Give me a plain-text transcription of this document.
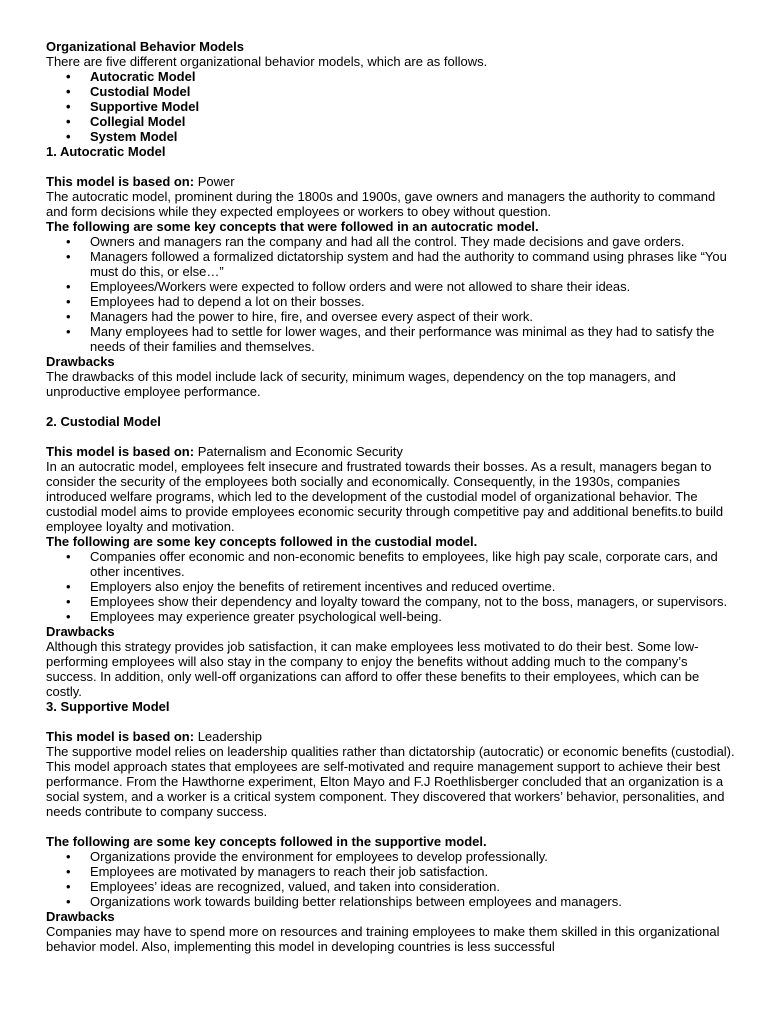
Organizational Behavior Models

There are five different organizational behavior models, which are as follows.

• Autocratic Model
• Custodial Model
• Supportive Model
• Collegial Model
• System Model

1. Autocratic Model

This model is based on: Power

The autocratic model, prominent during the 1800s and 1900s, gave owners and managers the authority to command and form decisions while they expected employees or workers to obey without question.

The following are some key concepts that were followed in an autocratic model.

• Owners and managers ran the company and had all the control. They made decisions and gave orders.
• Managers followed a formalized dictatorship system and had the authority to command using phrases like “You must do this, or else…”
• Employees/Workers were expected to follow orders and were not allowed to share their ideas.
• Employees had to depend a lot on their bosses.
• Managers had the power to hire, fire, and oversee every aspect of their work.
• Many employees had to settle for lower wages, and their performance was minimal as they had to satisfy the needs of their families and themselves.

Drawbacks

The drawbacks of this model include lack of security, minimum wages, dependency on the top managers, and unproductive employee performance.

2. Custodial Model

This model is based on: Paternalism and Economic Security

In an autocratic model, employees felt insecure and frustrated towards their bosses. As a result, managers began to consider the security of the employees both socially and economically. Consequently, in the 1930s, companies introduced welfare programs, which led to the development of the custodial model of organizational behavior. The custodial model aims to provide employees economic security through competitive pay and additional benefits.to build employee loyalty and motivation.

The following are some key concepts followed in the custodial model.

• Companies offer economic and non-economic benefits to employees, like high pay scale, corporate cars, and other incentives.
• Employers also enjoy the benefits of retirement incentives and reduced overtime.
• Employees show their dependency and loyalty toward the company, not to the boss, managers, or supervisors.
• Employees may experience greater psychological well-being.

Drawbacks

Although this strategy provides job satisfaction, it can make employees less motivated to do their best. Some low-performing employees will also stay in the company to enjoy the benefits without adding much to the company’s success. In addition, only well-off organizations can afford to offer these benefits to their employees, which can be costly.

3. Supportive Model

This model is based on: Leadership

The supportive model relies on leadership qualities rather than dictatorship (autocratic) or economic benefits (custodial). This model approach states that employees are self-motivated and require management support to achieve their best performance. From the Hawthorne experiment, Elton Mayo and F.J Roethlisberger concluded that an organization is a social system, and a worker is a critical system component. They discovered that workers’ behavior, personalities, and needs contribute to company success.

The following are some key concepts followed in the supportive model.

• Organizations provide the environment for employees to develop professionally.
• Employees are motivated by managers to reach their job satisfaction.
• Employees’ ideas are recognized, valued, and taken into consideration.
• Organizations work towards building better relationships between employees and managers.

Drawbacks

Companies may have to spend more on resources and training employees to make them skilled in this organizational behavior model. Also, implementing this model in developing countries is less successful
